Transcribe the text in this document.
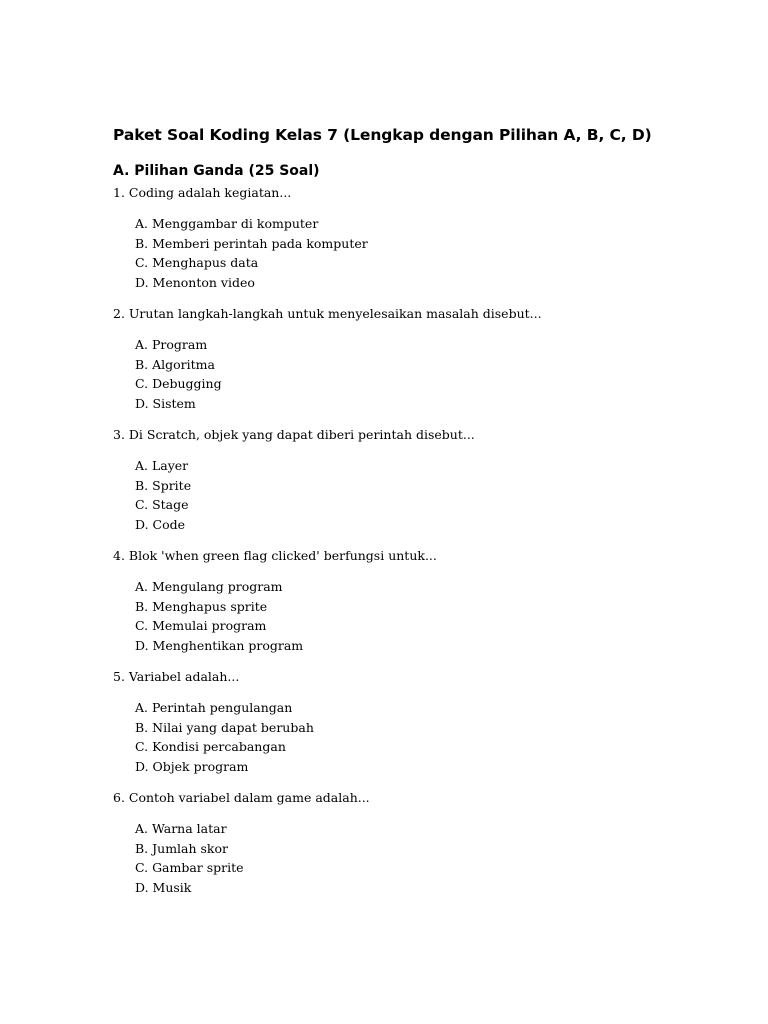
Paket Soal Koding Kelas 7 (Lengkap dengan Pilihan A, B, C, D)
A. Pilihan Ganda (25 Soal)

1. Coding adalah kegiatan...

A. Menggambar di komputer
B. Memberi perintah pada komputer
C. Menghapus data
D. Menonton video

2. Urutan langkah-langkah untuk menyelesaikan masalah disebut...

A. Program
B. Algoritma
C. Debugging
D. Sistem

3. Di Scratch, objek yang dapat diberi perintah disebut...

A. Layer
B. Sprite
C. Stage
D. Code

4. Blok 'when green flag clicked' berfungsi untuk...

A. Mengulang program
B. Menghapus sprite
C. Memulai program
D. Menghentikan program

5. Variabel adalah...

A. Perintah pengulangan
B. Nilai yang dapat berubah
C. Kondisi percabangan
D. Objek program

6. Contoh variabel dalam game adalah...

A. Warna latar
B. Jumlah skor
C. Gambar sprite
D. Musik
